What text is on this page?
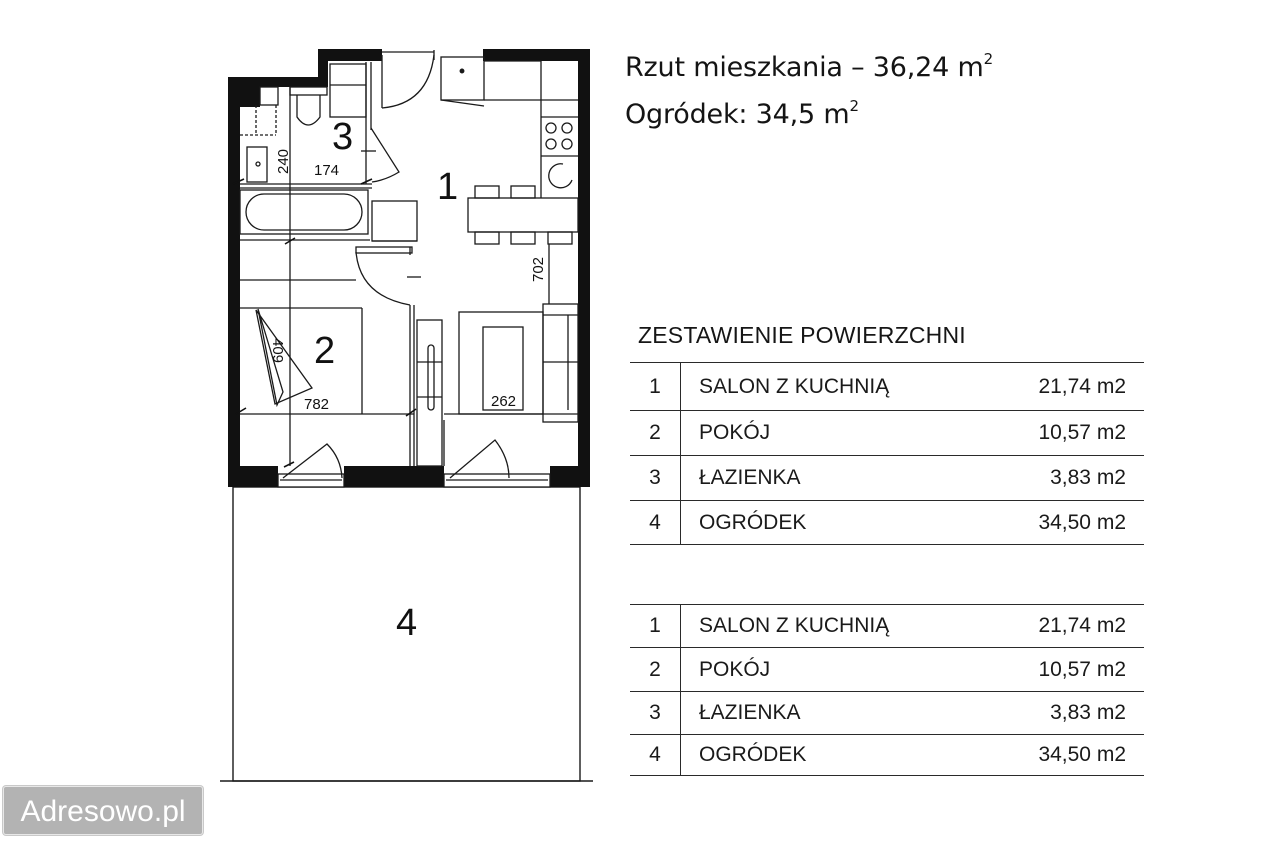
1
2
3
4
240 174
702
782
409
262
Rzut mieszkania – 36,24 $m^2$
Ogródek: 34,5 $m^2$
ZESTAWIENIE POWIERZCHNI
1	SALON Z KUCHNIĄ	21,74 m2
2	POKÓJ	10,57 m2
3	ŁAZIENKA	3,83 m2
4	OGRÓDEK	34,50 m2
1	SALON Z KUCHNIĄ	21,74 m2
2	POKÓJ	10,57 m2
3	ŁAZIENKA	3,83 m2
4	OGRÓDEK	34,50 m2
Adresowo.pl
